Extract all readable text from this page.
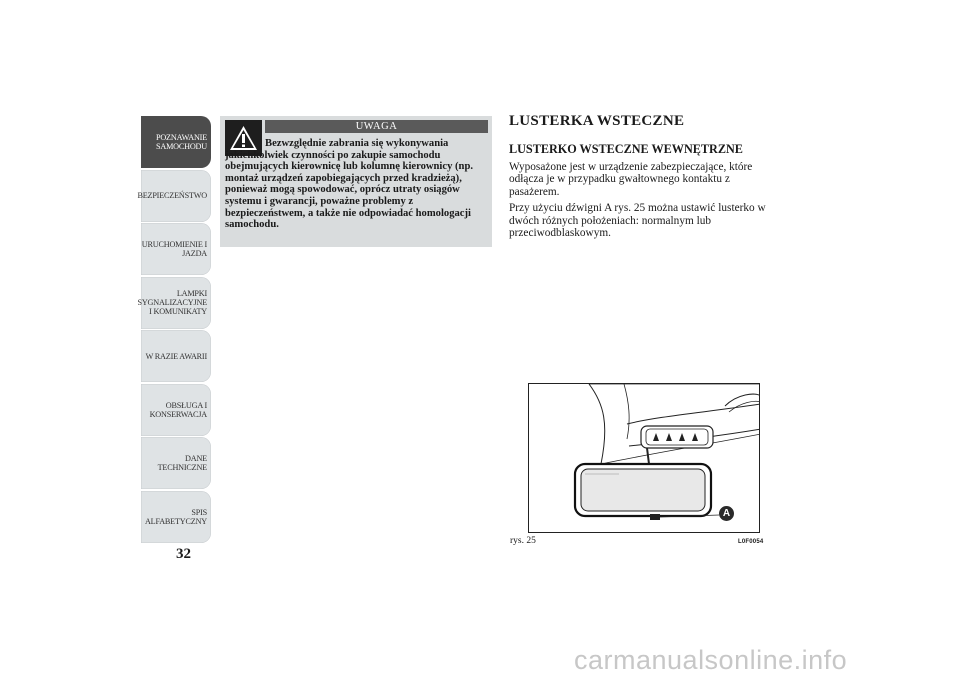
POZNAWANIE
SAMOCHODU
BEZPIECZEŃSTWO
URUCHOMIENIE I
JAZDA
LAMPKI
SYGNALIZACYJNE
I KOMUNIKATY
W RAZIE AWARII
OBSŁUGA I
KONSERWACJA
DANE
TECHNICZNE
SPIS
ALFABETYCZNY
32
UWAGA

Bezwzględnie zabrania się wykonywania jakichkolwiek czynności po zakupie samochodu obejmujących kierownicę lub kolumnę kierownicy (np. montaż urządzeń zapobiegających przed kradzieżą), ponieważ mogą spowodować, oprócz utraty osiągów systemu i gwarancji, poważne problemy z bezpieczeństwem, a także nie odpowiadać homologacji samochodu.

LUSTERKA WSTECZNE
LUSTERKO WSTECZNE WEWNĘTRZNE

Wyposażone jest w urządzenie zabezpieczające, które odłącza je w przypadku gwałtownego kontaktu z pasażerem.

Przy użyciu dźwigni A rys. 25 można ustawić lusterko w dwóch różnych położeniach: normalnym lub przeciwodblaskowym.

A
rys. 25	L0F0054
carmanualsonline.info
